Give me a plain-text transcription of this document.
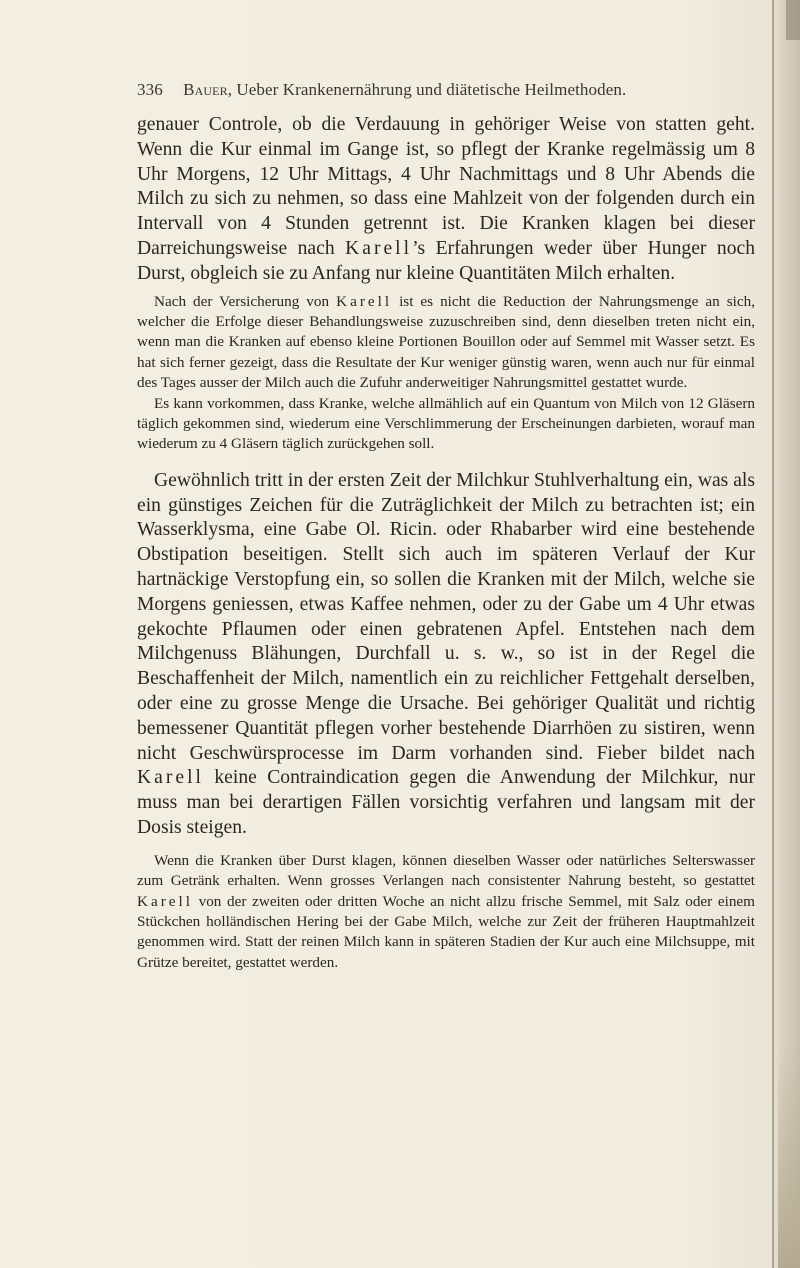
336 Bauer, Ueber Krankenernährung und diätetische Heilmethoden.

genauer Controle, ob die Verdauung in gehöriger Weise von statten geht. Wenn die Kur einmal im Gange ist, so pflegt der Kranke regelmässig um 8 Uhr Morgens, 12 Uhr Mittags, 4 Uhr Nachmittags und 8 Uhr Abends die Milch zu sich zu nehmen, so dass eine Mahlzeit von der folgenden durch ein Intervall von 4 Stunden getrennt ist. Die Kranken klagen bei dieser Darreichungsweise nach Karell’s Erfahrungen weder über Hunger noch Durst, obgleich sie zu Anfang nur kleine Quantitäten Milch erhalten.

Nach der Versicherung von Karell ist es nicht die Reduction der Nahrungsmenge an sich, welcher die Erfolge dieser Behandlungsweise zuzuschreiben sind, denn dieselben treten nicht ein, wenn man die Kranken auf ebenso kleine Portionen Bouillon oder auf Semmel mit Wasser setzt. Es hat sich ferner gezeigt, dass die Resultate der Kur weniger günstig waren, wenn auch nur für einmal des Tages ausser der Milch auch die Zufuhr anderweitiger Nahrungsmittel gestattet wurde.

Es kann vorkommen, dass Kranke, welche allmählich auf ein Quantum von Milch von 12 Gläsern täglich gekommen sind, wiederum eine Verschlimmerung der Erscheinungen darbieten, worauf man wiederum zu 4 Gläsern täglich zurückgehen soll.

Gewöhnlich tritt in der ersten Zeit der Milchkur Stuhlverhaltung ein, was als ein günstiges Zeichen für die Zuträglichkeit der Milch zu betrachten ist; ein Wasserklysma, eine Gabe Ol. Ricin. oder Rhabarber wird eine bestehende Obstipation beseitigen. Stellt sich auch im späteren Verlauf der Kur hartnäckige Verstopfung ein, so sollen die Kranken mit der Milch, welche sie Morgens geniessen, etwas Kaffee nehmen, oder zu der Gabe um 4 Uhr etwas gekochte Pflaumen oder einen gebratenen Apfel. Entstehen nach dem Milchgenuss Blähungen, Durchfall u. s. w., so ist in der Regel die Beschaffenheit der Milch, namentlich ein zu reichlicher Fettgehalt derselben, oder eine zu grosse Menge die Ursache. Bei gehöriger Qualität und richtig bemessener Quantität pflegen vorher bestehende Diarrhöen zu sistiren, wenn nicht Geschwürsprocesse im Darm vorhanden sind. Fieber bildet nach Karell keine Contraindication gegen die Anwendung der Milchkur, nur muss man bei derartigen Fällen vorsichtig verfahren und langsam mit der Dosis steigen.

Wenn die Kranken über Durst klagen, können dieselben Wasser oder natürliches Selterswasser zum Getränk erhalten. Wenn grosses Verlangen nach consistenter Nahrung besteht, so gestattet Karell von der zweiten oder dritten Woche an nicht allzu frische Semmel, mit Salz oder einem Stückchen holländischen Hering bei der Gabe Milch, welche zur Zeit der früheren Hauptmahlzeit genommen wird. Statt der reinen Milch kann in späteren Stadien der Kur auch eine Milchsuppe, mit Grütze bereitet, gestattet werden.
